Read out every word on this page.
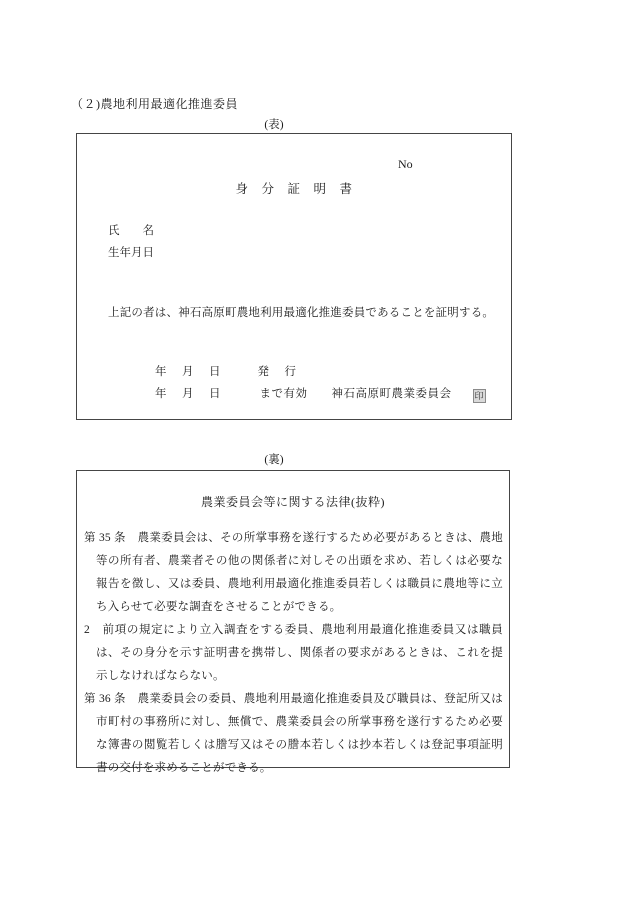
（２)農地利用最適化推進委員
(表)
No
身　分　証　明　書
氏　　名
生年月日
上記の者は、神石高原町農地利用最適化推進委員であることを証明する。
年　月　日	発　行
年　月　日	まで有効 神石高原町農業委員会	印
(裏)
農業委員会等に関する法律(抜粋)

第 35 条　農業委員会は、その所掌事務を遂行するため必要があるときは、農地等の所有者、農業者その他の関係者に対しその出頭を求め、若しくは必要な報告を徴し、又は委員、農地利用最適化推進委員若しくは職員に農地等に立ち入らせて必要な調査をさせることができる。

2　前項の規定により立入調査をする委員、農地利用最適化推進委員又は職員は、その身分を示す証明書を携帯し、関係者の要求があるときは、これを提示しなければならない。

第 36 条　農業委員会の委員、農地利用最適化推進委員及び職員は、登記所又は市町村の事務所に対し、無償で、農業委員会の所掌事務を遂行するため必要な簿書の閲覧若しくは謄写又はその謄本若しくは抄本若しくは登記事項証明書の交付を求めることができる。
